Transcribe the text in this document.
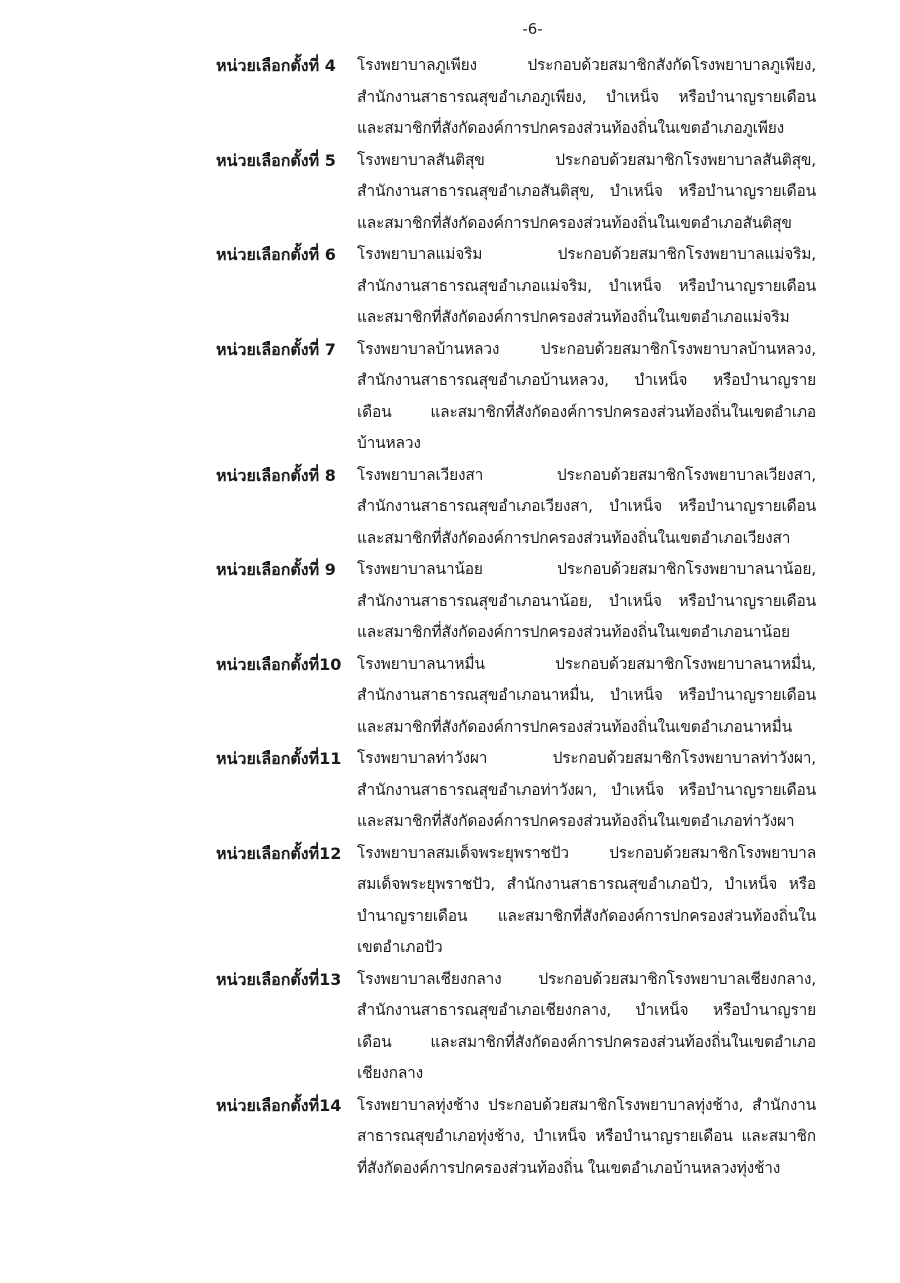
-6-
หน่วยเลือกตั้งที่ 4	โรงพยาบาลภูเพียง ประกอบด้วยสมาชิกสังกัดโรงพยาบาลภูเพียง,
สำนักงานสาธารณสุขอำเภอภูเพียง, บำเหน็จ หรือบำนาญรายเดือน
และสมาชิกที่สังกัดองค์การปกครองส่วนท้องถิ่นในเขตอำเภอภูเพียง
หน่วยเลือกตั้งที่ 5	โรงพยาบาลสันติสุข ประกอบด้วยสมาชิกโรงพยาบาลสันติสุข,
สำนักงานสาธารณสุขอำเภอสันติสุข, บำเหน็จ หรือบำนาญรายเดือน
และสมาชิกที่สังกัดองค์การปกครองส่วนท้องถิ่นในเขตอำเภอสันติสุข
หน่วยเลือกตั้งที่ 6	โรงพยาบาลแม่จริม ประกอบด้วยสมาชิกโรงพยาบาลแม่จริม,
สำนักงานสาธารณสุขอำเภอแม่จริม, บำเหน็จ หรือบำนาญรายเดือน
และสมาชิกที่สังกัดองค์การปกครองส่วนท้องถิ่นในเขตอำเภอแม่จริม
หน่วยเลือกตั้งที่ 7	โรงพยาบาลบ้านหลวง ประกอบด้วยสมาชิกโรงพยาบาลบ้านหลวง,
สำนักงานสาธารณสุขอำเภอบ้านหลวง, บำเหน็จ หรือบำนาญราย
เดือน และสมาชิกที่สังกัดองค์การปกครองส่วนท้องถิ่นในเขตอำเภอ
บ้านหลวง
หน่วยเลือกตั้งที่ 8	โรงพยาบาลเวียงสา ประกอบด้วยสมาชิกโรงพยาบาลเวียงสา,
สำนักงานสาธารณสุขอำเภอเวียงสา, บำเหน็จ หรือบำนาญรายเดือน
และสมาชิกที่สังกัดองค์การปกครองส่วนท้องถิ่นในเขตอำเภอเวียงสา
หน่วยเลือกตั้งที่ 9	โรงพยาบาลนาน้อย ประกอบด้วยสมาชิกโรงพยาบาลนาน้อย,
สำนักงานสาธารณสุขอำเภอนาน้อย, บำเหน็จ หรือบำนาญรายเดือน
และสมาชิกที่สังกัดองค์การปกครองส่วนท้องถิ่นในเขตอำเภอนาน้อย
หน่วยเลือกตั้งที่10	โรงพยาบาลนาหมื่น ประกอบด้วยสมาชิกโรงพยาบาลนาหมื่น,
สำนักงานสาธารณสุขอำเภอนาหมื่น, บำเหน็จ หรือบำนาญรายเดือน
และสมาชิกที่สังกัดองค์การปกครองส่วนท้องถิ่นในเขตอำเภอนาหมื่น
หน่วยเลือกตั้งที่11	โรงพยาบาลท่าวังผา ประกอบด้วยสมาชิกโรงพยาบาลท่าวังผา,
สำนักงานสาธารณสุขอำเภอท่าวังผา, บำเหน็จ หรือบำนาญรายเดือน
และสมาชิกที่สังกัดองค์การปกครองส่วนท้องถิ่นในเขตอำเภอท่าวังผา
หน่วยเลือกตั้งที่12	โรงพยาบาลสมเด็จพระยุพราชปัว ประกอบด้วยสมาชิกโรงพยาบาล
สมเด็จพระยุพราชปัว, สำนักงานสาธารณสุขอำเภอปัว, บำเหน็จ หรือ
บำนาญรายเดือน และสมาชิกที่สังกัดองค์การปกครองส่วนท้องถิ่นใน
เขตอำเภอปัว
หน่วยเลือกตั้งที่13	โรงพยาบาลเชียงกลาง ประกอบด้วยสมาชิกโรงพยาบาลเชียงกลาง,
สำนักงานสาธารณสุขอำเภอเชียงกลาง, บำเหน็จ หรือบำนาญราย
เดือน และสมาชิกที่สังกัดองค์การปกครองส่วนท้องถิ่นในเขตอำเภอ
เชียงกลาง
หน่วยเลือกตั้งที่14	โรงพยาบาลทุ่งช้าง ประกอบด้วยสมาชิกโรงพยาบาลทุ่งช้าง, สำนักงาน
สาธารณสุขอำเภอทุ่งช้าง, บำเหน็จ หรือบำนาญรายเดือน และสมาชิก
ที่สังกัดองค์การปกครองส่วนท้องถิ่น ในเขตอำเภอบ้านหลวงทุ่งช้าง
